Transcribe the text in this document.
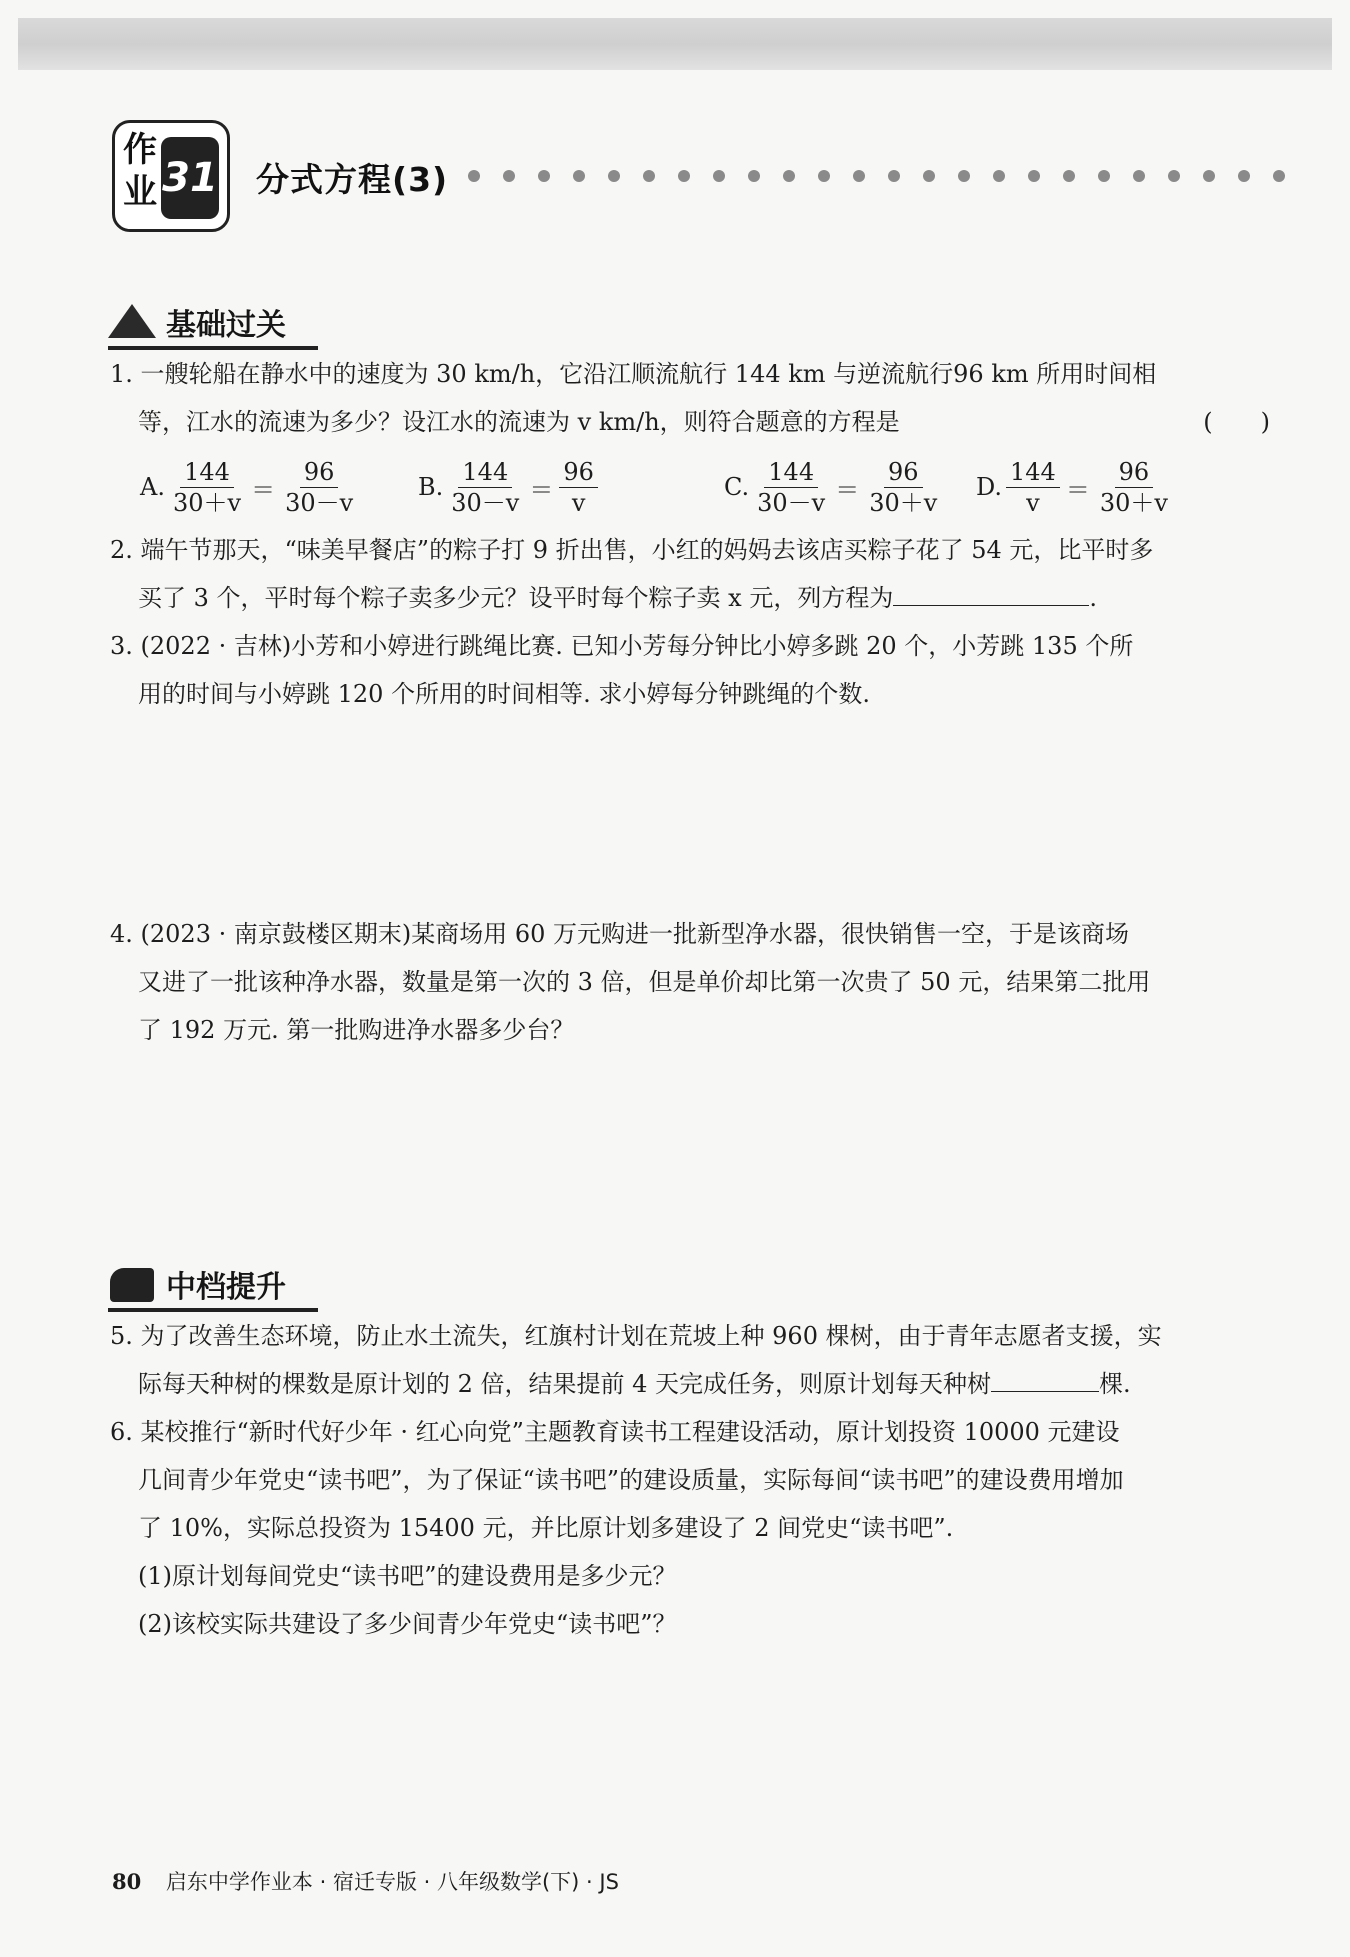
作业 31 分式方程(3)
基础过关
1. 一艘轮船在静水中的速度为 30 km/h，它沿江顺流航行 144 km 与逆流航行96 km 所用时间相

等，江水的流速为多少？设江水的流速为 v km/h，则符合题意的方程是	(　　)
A. $\frac{144}{30+v} = \frac{96}{30-v}$	B. $\frac{144}{30-v} = \frac{96}{v}$	C. $\frac{144}{30-v} = \frac{96}{30+v} D$. $\frac{144}{v} = \frac{96}{30+v}$
2. 端午节那天，“味美早餐店”的粽子打 9 折出售，小红的妈妈去该店买粽子花了 54 元，比平时多

买了 3 个，平时每个粽子卖多少元？设平时每个粽子卖 x 元，列方程为	.
3. (2022 · 吉林)小芳和小婷进行跳绳比赛. 已知小芳每分钟比小婷多跳 20 个，小芳跳 135 个所

用的时间与小婷跳 120 个所用的时间相等. 求小婷每分钟跳绳的个数.
4. (2023 · 南京鼓楼区期末)某商场用 60 万元购进一批新型净水器，很快销售一空，于是该商场

又进了一批该种净水器，数量是第一次的 3 倍，但是单价却比第一次贵了 50 元，结果第二批用
了 192 万元. 第一批购进净水器多少台？
中档提升
5. 为了改善生态环境，防止水土流失，红旗村计划在荒坡上种 960 棵树，由于青年志愿者支援，实

际每天种树的棵数是原计划的 2 倍，结果提前 4 天完成任务，则原计划每天种树	棵.
6. 某校推行“新时代好少年 · 红心向党”主题教育读书工程建设活动，原计划投资 10000 元建设

几间青少年党史“读书吧”，为了保证“读书吧”的建设质量，实际每间“读书吧”的建设费用增加
了 10%，实际总投资为 15400 元，并比原计划多建设了 2 间党史“读书吧”.
(1)原计划每间党史“读书吧”的建设费用是多少元？
(2)该校实际共建设了多少间青少年党史“读书吧”？
80 启东中学作业本 · 宿迁专版 · 八年级数学(下) · JS
